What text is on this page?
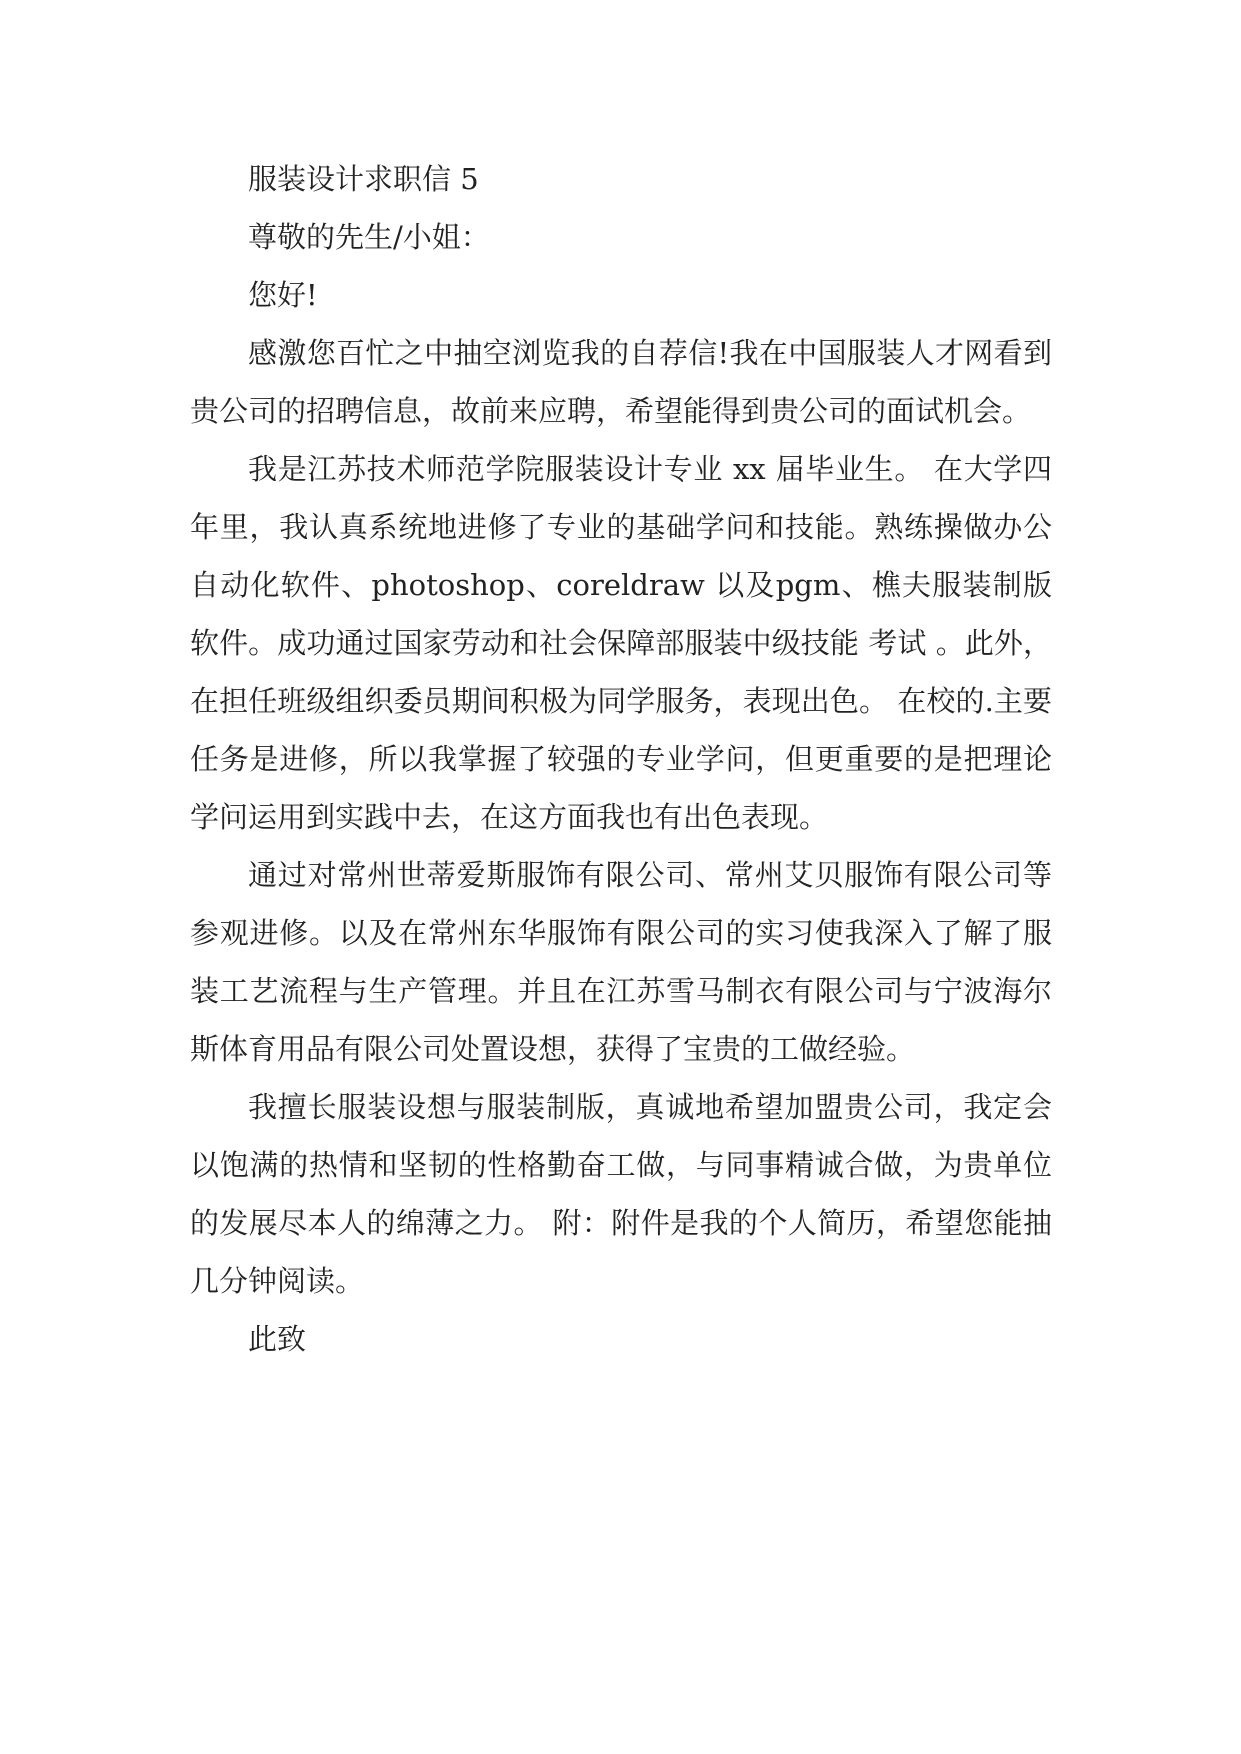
服装设计求职信 5

尊敬的先生/小姐：

您好!

感激您百忙之中抽空浏览我的自荐信!我在中国服装人才网看到贵公司的招聘信息，故前来应聘，希望能得到贵公司的面试机会。

我是江苏技术师范学院服装设计专业 xx 届毕业生。 在大学四年里，我认真系统地进修了专业的基础学问和技能。熟练操做办公自动化软件、photoshop、coreldraw 以及pgm、樵夫服装制版软件。成功通过国家劳动和社会保障部服装中级技能 考试 。此外，在担任班级组织委员期间积极为同学服务，表现出色。 在校的.主要任务是进修，所以我掌握了较强的专业学问，但更重要的是把理论学问运用到实践中去，在这方面我也有出色表现。

通过对常州世蒂爱斯服饰有限公司、常州艾贝服饰有限公司等参观进修。以及在常州东华服饰有限公司的实习使我深入了解了服装工艺流程与生产管理。并且在江苏雪马制衣有限公司与宁波海尔斯体育用品有限公司处置设想，获得了宝贵的工做经验。

我擅长服装设想与服装制版，真诚地希望加盟贵公司，我定会以饱满的热情和坚韧的性格勤奋工做，与同事精诚合做，为贵单位的发展尽本人的绵薄之力。 附：附件是我的个人简历，希望您能抽几分钟阅读。

此致
